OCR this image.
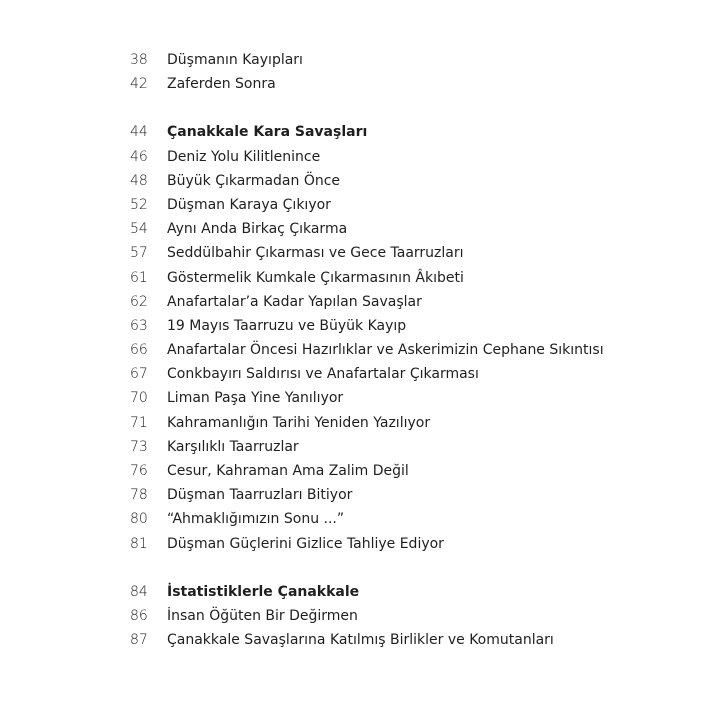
38	Düşmanın Kayıpları
42	Zaferden Sonra
44	Çanakkale Kara Savaşları
46	Deniz Yolu Kilitlenince
48	Büyük Çıkarmadan Önce
52	Düşman Karaya Çıkıyor
54	Aynı Anda Birkaç Çıkarma
57	Seddülbahir Çıkarması ve Gece Taarruzları
61	Göstermelik Kumkale Çıkarmasının Âkıbeti
62	Anafartalar’a Kadar Yapılan Savaşlar
63	19 Mayıs Taarruzu ve Büyük Kayıp
66	Anafartalar Öncesi Hazırlıklar ve Askerimizin Cephane Sıkıntısı
67	Conkbayırı Saldırısı ve Anafartalar Çıkarması
70	Liman Paşa Yine Yanılıyor
71	Kahramanlığın Tarihi Yeniden Yazılıyor
73	Karşılıklı Taarruzlar
76	Cesur, Kahraman Ama Zalim Değil
78	Düşman Taarruzları Bitiyor
80	“Ahmaklığımızın Sonu ...”
81	Düşman Güçlerini Gizlice Tahliye Ediyor
84	İstatistiklerle Çanakkale
86	İnsan Öğüten Bir Değirmen
87	Çanakkale Savaşlarına Katılmış Birlikler ve Komutanları
